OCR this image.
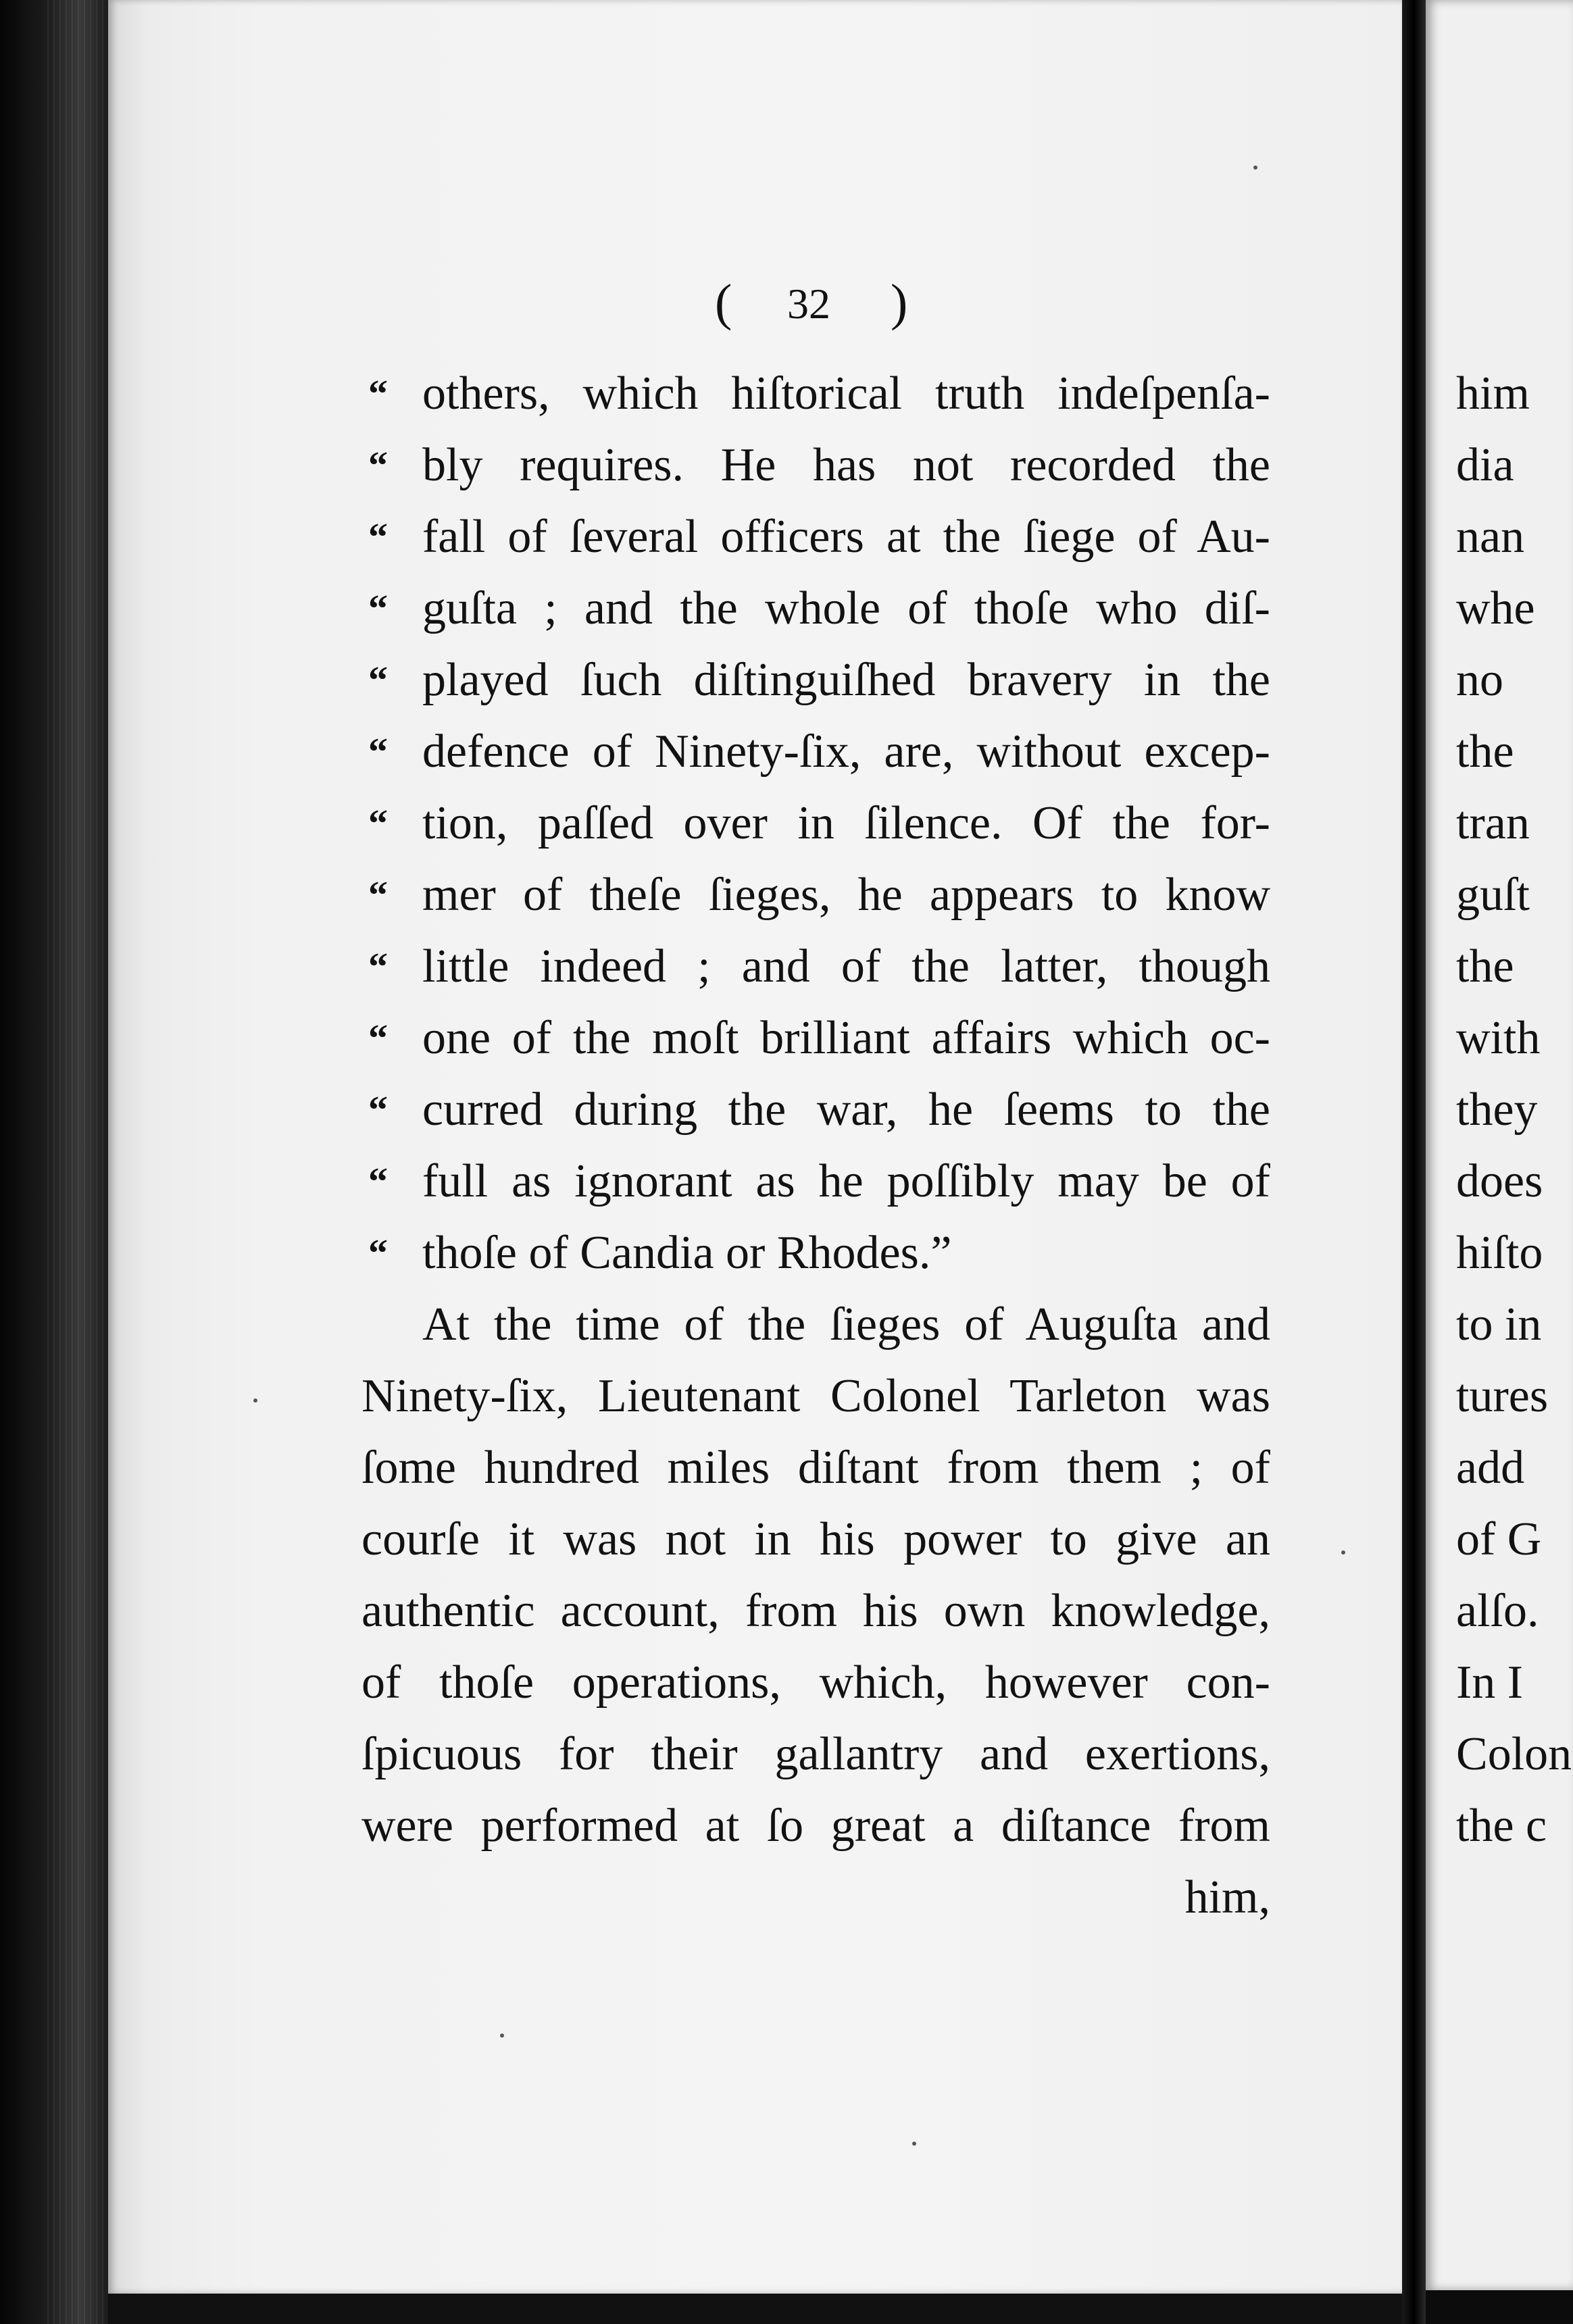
( 32 )
“ others, which hiſtorical truth indeſpenſa-
“ bly requires. He has not recorded the
“ fall of ſeveral officers at the ſiege of Au-
“ guſta ; and the whole of thoſe who diſ-
“ played ſuch diſtinguiſhed bravery in the
“ defence of Ninety-ſix, are, without excep-
“ tion, paſſed over in ſilence. Of the for-
“ mer of theſe ſieges, he appears to know
“ little indeed ; and of the latter, though
“ one of the moſt brilliant affairs which oc-
“ curred during the war, he ſeems to the
“ full as ignorant as he poſſibly may be of
“ thoſe of Candia or Rhodes.”
At the time of the ſieges of Auguſta and
Ninety-ſix, Lieutenant Colonel Tarleton was
ſome hundred miles diſtant from them ; of
courſe it was not in his power to give an
authentic account, from his own knowledge,
of thoſe operations, which, however con-
ſpicuous for their gallantry and exertions,
were performed at ſo great a diſtance from
him,
him
dia
nan
whe
no
the
tran
guſt
the
with
they
does
hiſto
to in
tures
add
of G
alſo.
In I
Colon
the c
